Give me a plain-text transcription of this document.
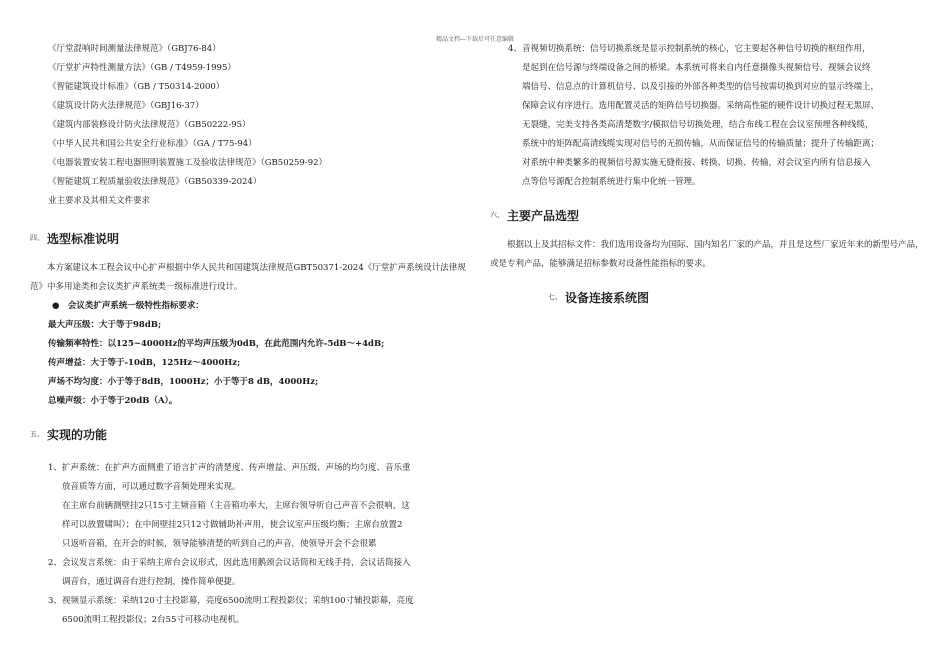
精品文档---下载后可任意编辑
《厅堂混响时间测量法律规范》（GBJ76-84）
《厅堂扩声特性测量方法》（GB / T4959-1995）
《智能建筑设计标准》（GB / T50314-2000）
《建筑设计防火法律规范》（GBJ16-37）
《建筑内部装修设计防火法律规范》（GB50222-95）
《中华人民共和国公共安全行业标准》（GA / T75-94）
《电器装置安装工程电器照明装置施工及验收法律规范》（GB50259-92）
《智能建筑工程质量验收法律规范》（GB50339-2024）
业主要求及其相关文件要求
四、 选型标准说明
本方案建议本工程会议中心扩声根据中华人民共和国建筑法律规范GBT50371-2024《厅堂扩声系统设计法律规范》中多用途类和会议类扩声系统类一级标准进行设计。
●　会议类扩声系统一级特性指标要求：
最大声压级：大于等于98dB;
传输频率特性：以125~4000Hz的平均声压级为0dB，在此范围内允许-5dB～+4dB;
传声增益：大于等于-10dB，125Hz～4000Hz;
声场不均匀度：小于等于8dB，1000Hz；小于等于8 dB，4000Hz;
总噪声级：小于等于20dB（A）。
五、 实现的功能
1、扩声系统：在扩声方面侧重了语言扩声的清楚度、传声增益、声压级、声场的均匀度、音乐重
放音质等方面，可以通过数字音频处理来实现。
在主席台前辆测壁挂2只15寸主频音箱（主音箱功率大，主席台领导听自己声音不会很响，这
样可以放置啸叫）；在中间壁挂2只12寸做辅助补声用，使会议室声压级均衡；主席台放置2
只返听音箱，在开会的时候，领导能够清楚的听到自己的声音，使领导开会不会很累
2、会议发言系统：由于采纳主席台会议形式，因此选用鹅颈会议话筒和无线手持，会议话筒接入
调音台，通过调音台进行控制，操作简单便捷。
3、视频显示系统：采纳120寸主投影幕，亮度6500流明工程投影仪；采纳100寸辅投影幕，亮度
6500流明工程投影仪；2台55寸可移动电视机。
4、音视频切换系统：信号切换系统是显示控制系统的核心，它主要起各种信号切换的枢纽作用，
是起到在信号源与终端设备之间的桥梁。本系统可将来自内任意摄像头视频信号、视频会议终
端信号、信息点的计算机信号、以及引接的外部各种类型的信号按需切换到对应的显示终端上，
保障会议有序进行。选用配置灵活的矩阵信号切换器。采纳高性能的硬件设计切换过程无黑屏、
无裂缝，完美支持各类高清楚数字/模拟信号切换处理，结合布线工程在会议室预埋各种线缆，
系统中的矩阵配高清线缆实现对信号的无损传输，从而保证信号的传输质量；提升了传输距离；
对系统中种类繁多的视频信号源实施无缝衔接、转换、切换、传输，对会议室内所有信息接入
点等信号源配合控制系统进行集中化统一管理。
六、 主要产品选型
根据以上及其招标文件：我们选用设备均为国际、国内知名厂家的产品，并且是这些厂家近年来的新型号产品，或是专利产品，能够满足招标参数对设备性能指标的要求。
七、 设备连接系统图
